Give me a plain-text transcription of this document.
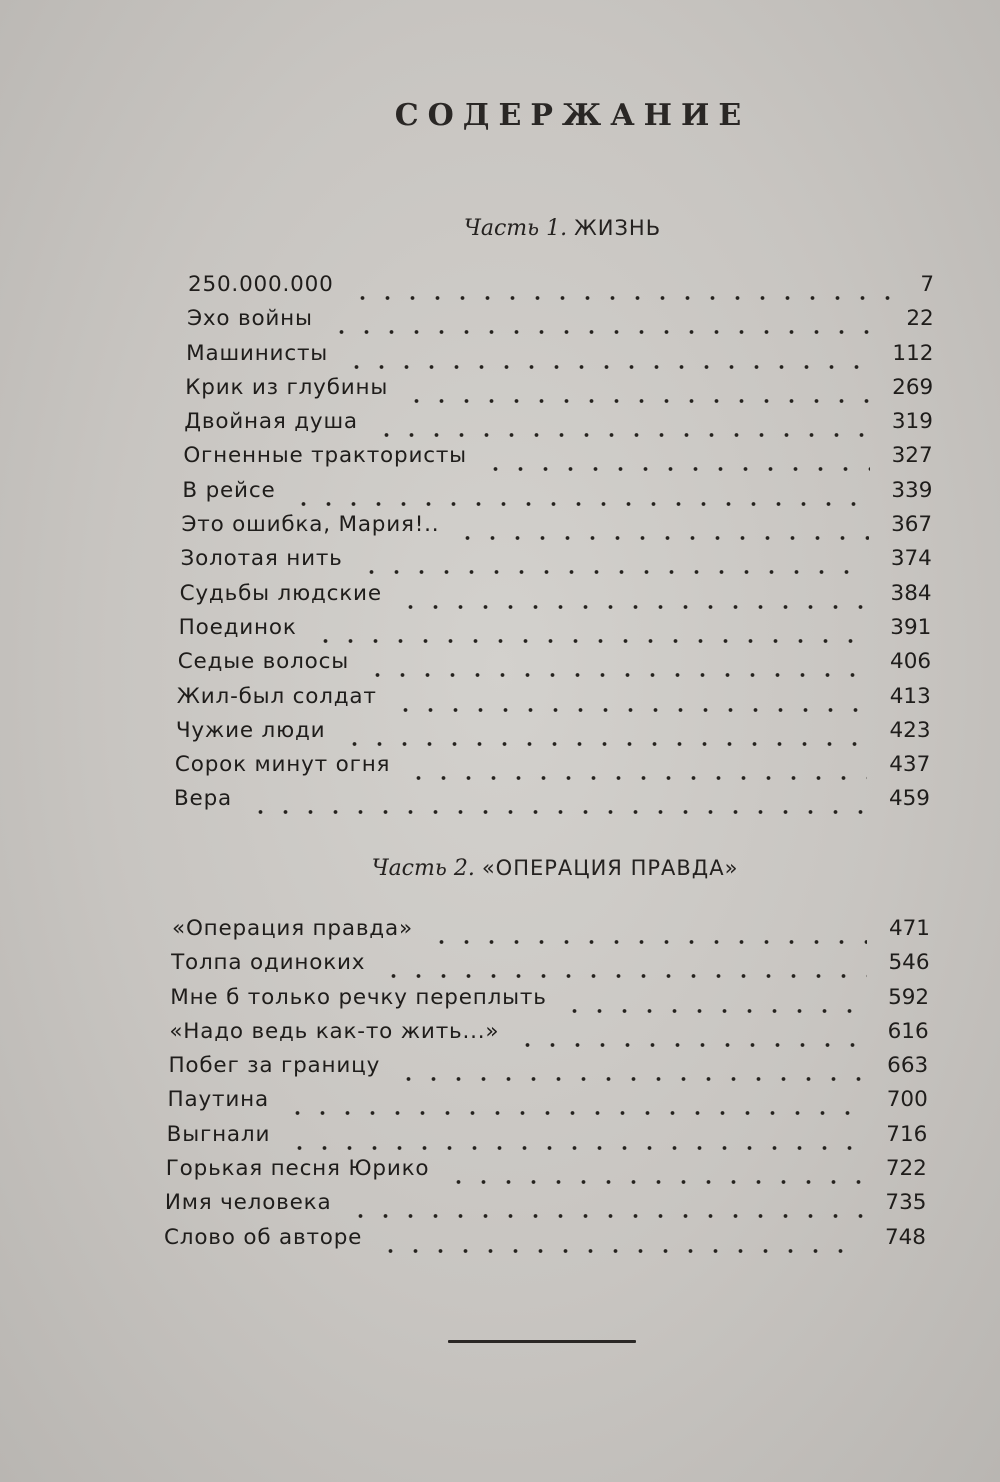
СОДЕРЖАНИЕ
Часть 1. ЖИЗНЬ
250.000.000	7
Эхо войны	22
Машинисты	112
Крик из глубины	269
Двойная душа	319
Огненные трактористы	327
В рейсе	339
Это ошибка, Мария!..	367
Золотая нить	374
Судьбы людские	384
Поединок	391
Седые волосы	406
Жил-был солдат	413
Чужие люди	423
Сорок минут огня	437
Вера	459
Часть 2. «ОПЕРАЦИЯ ПРАВДА»
«Операция правда»	471
Толпа одиноких	546
Мне б только речку переплыть	592
«Надо ведь как-то жить...»	616
Побег за границу	663
Паутина	700
Выгнали	716
Горькая песня Юрико	722
Имя человека	735
Слово об авторе	748
